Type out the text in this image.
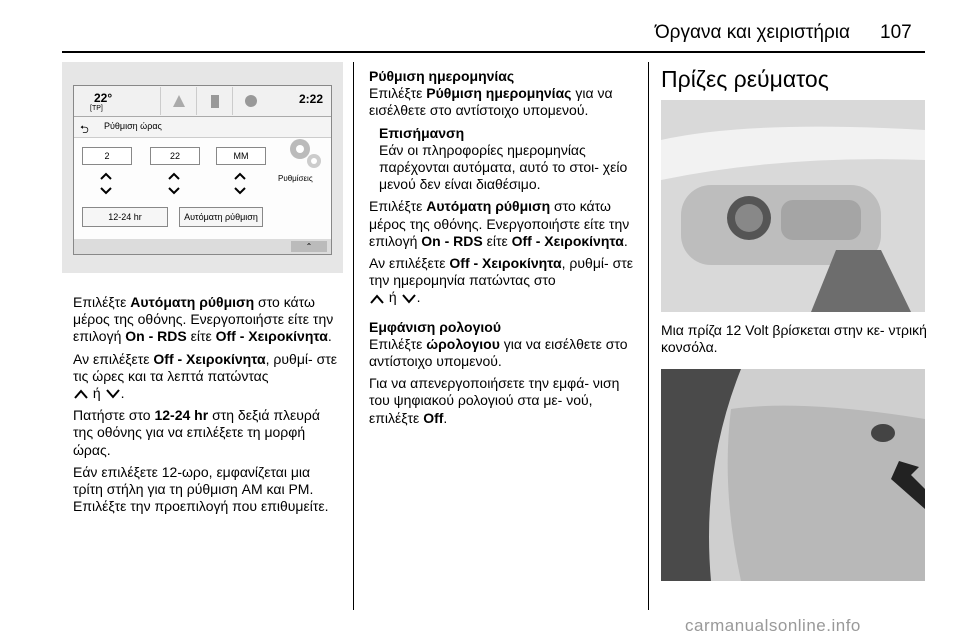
Όργανα και χειριστήρια 107
22°
[TP]
2:22
⮌ Ρύθμιση ώρας
2	22	MM
12-24 hr	Αυτόματη ρύθμιση
Ρυθμίσεις
⌃

Επιλέξτε Αυτόματη ρύθμιση στο κάτω μέρος της οθόνης. Ενεργοποιήστε είτε την επιλογή On - RDS είτε Off - Χειροκίνητα.

Αν επιλέξετε Off - Χειροκίνητα, ρυθμί- στε τις ώρες και τα λεπτά πατώντας
ή .

Πατήστε στο 12-24 hr στη δεξιά πλευρά της οθόνης για να επιλέξετε τη μορφή ώρας.

Εάν επιλέξετε 12-ωρο, εμφανίζεται μια τρίτη στήλη για τη ρύθμιση AM και PM. Επιλέξτε την προεπιλογή που επιθυμείτε.

Ρύθμιση ημερομηνίας

Επιλέξτε Ρύθμιση ημερομηνίας για να εισέλθετε στο αντίστοιχο υπομενού.

Επισήμανση
Εάν οι πληροφορίες ημερομηνίας παρέχονται αυτόματα, αυτό το στοι- χείο μενού δεν είναι διαθέσιμο.

Επιλέξτε Αυτόματη ρύθμιση στο κάτω μέρος της οθόνης. Ενεργοποιήστε είτε την επιλογή On - RDS είτε Off - Χειροκίνητα.

Αν επιλέξετε Off - Χειροκίνητα, ρυθμί- στε την ημερομηνία πατώντας στο
ή .

Εμφάνιση ρολογιού

Επιλέξτε ώρολογιου για να εισέλθετε στο αντίστοιχο υπομενού.

Για να απενεργοποιήσετε την εμφά- νιση του ψηφιακού ρολογιού στα με- νού, επιλέξτε Off.

Πρίζες ρεύματος

Μια πρίζα 12 Volt βρίσκεται στην κε- ντρική κονσόλα.

carmanualsonline.info
